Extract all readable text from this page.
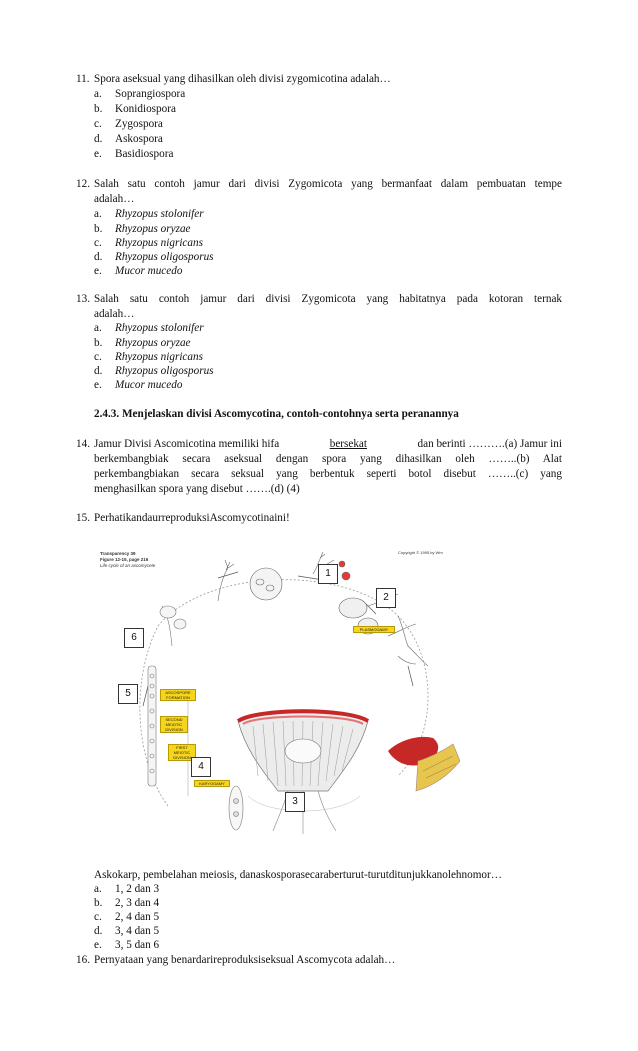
11. Spora aseksual yang dihasilkan oleh divisi zygomicotina adalah…
a. Soprangiospora
b. Konidiospora
c. Zygospora
d. Askospora
e. Basidiospora
12. Salah satu contoh jamur dari divisi Zygomicota yang bermanfaat dalam pembuatan tempe
adalah…
a. Rhyzopus stolonifer
b. Rhyzopus oryzae
c. Rhyzopus nigricans
d. Rhyzopus oligosporus
e. Mucor mucedo
13. Salah satu contoh jamur dari divisi Zygomicota yang habitatnya pada kotoran ternak
adalah…
a. Rhyzopus stolonifer
b. Rhyzopus oryzae
c. Rhyzopus nigricans
d. Rhyzopus oligosporus
e. Mucor mucedo
2.4.3. Menjelaskan divisi Ascomycotina, contoh-contohnya serta peranannya
14. Jamur Divisi Ascomicotina memiliki hifa	bersekat	dan berinti ……….(a) Jamur ini
berkembangbiak secara aseksual dengan spora yang dihasilkan oleh ……..(b) Alat
perkembangbiakan secara seksual yang berbentuk seperti botol disebut ……..(c) yang
menghasilkan spora yang disebut …….(d) (4)
15. PerhatikandaurreproduksiAscomycotinaini!
Transparency 39
Figure 12-15, page 216
Life cycle of an ascomycete
Copyright © 1995 by Wm
PLASMOGAMY
ASCOSPORE FORMATION
SECOND MEIOTIC DIVISION
FIRST MEIOTIC DIVISION
KARYOGAMY
1
2
3
4
5
6
Askokarp, pembelahan meiosis, danaskosporasecaraberturut-turutditunjukkanolehnomor…
a. 1, 2 dan 3
b. 2, 3 dan 4
c. 2, 4 dan 5
d. 3, 4 dan 5
e. 3, 5 dan 6
16. Pernyataan yang benardarireproduksiseksual Ascomycota adalah…
